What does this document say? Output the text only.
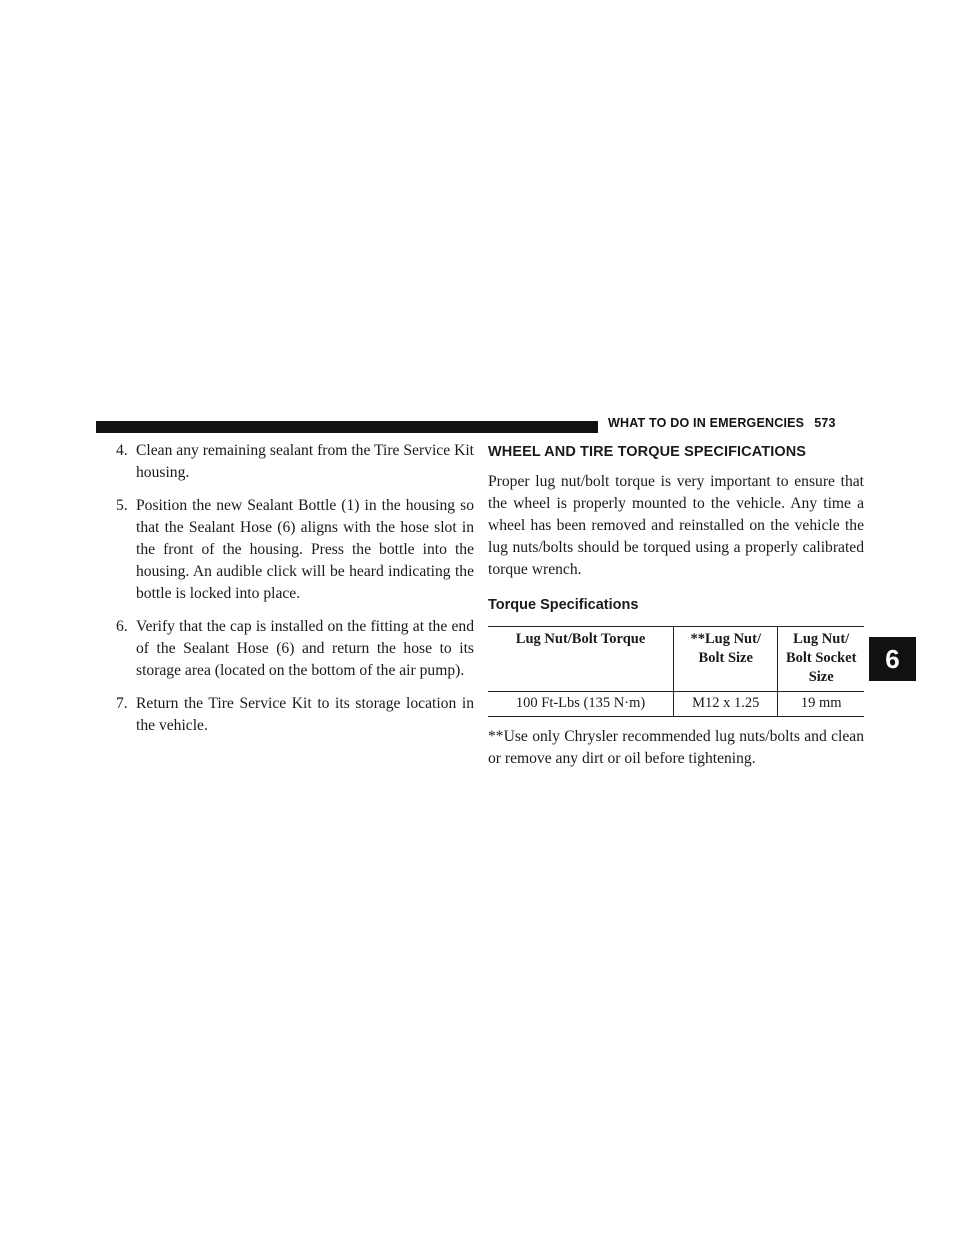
WHAT TO DO IN EMERGENCIES 573
6
4. Clean any remaining sealant from the Tire Service Kit housing.
5. Position the new Sealant Bottle (1) in the housing so that the Sealant Hose (6) aligns with the hose slot in the front of the housing. Press the bottle into the housing. An audible click will be heard indicating the bottle is locked into place.
6. Verify that the cap is installed on the fitting at the end of the Sealant Hose (6) and return the hose to its storage area (located on the bottom of the air pump).
7. Return the Tire Service Kit to its storage location in the vehicle.
WHEEL AND TIRE TORQUE SPECIFICATIONS

Proper lug nut/bolt torque is very important to ensure that the wheel is properly mounted to the vehicle. Any time a wheel has been removed and reinstalled on the vehicle the lug nuts/bolts should be torqued using a properly calibrated torque wrench.

Torque Specifications
Lug Nut/Bolt Torque	**Lug Nut/ Bolt Size	Lug Nut/ Bolt Socket Size
100 Ft-Lbs (135 N·m)	M12 x 1.25	19 mm

**Use only Chrysler recommended lug nuts/bolts and clean or remove any dirt or oil before tightening.
